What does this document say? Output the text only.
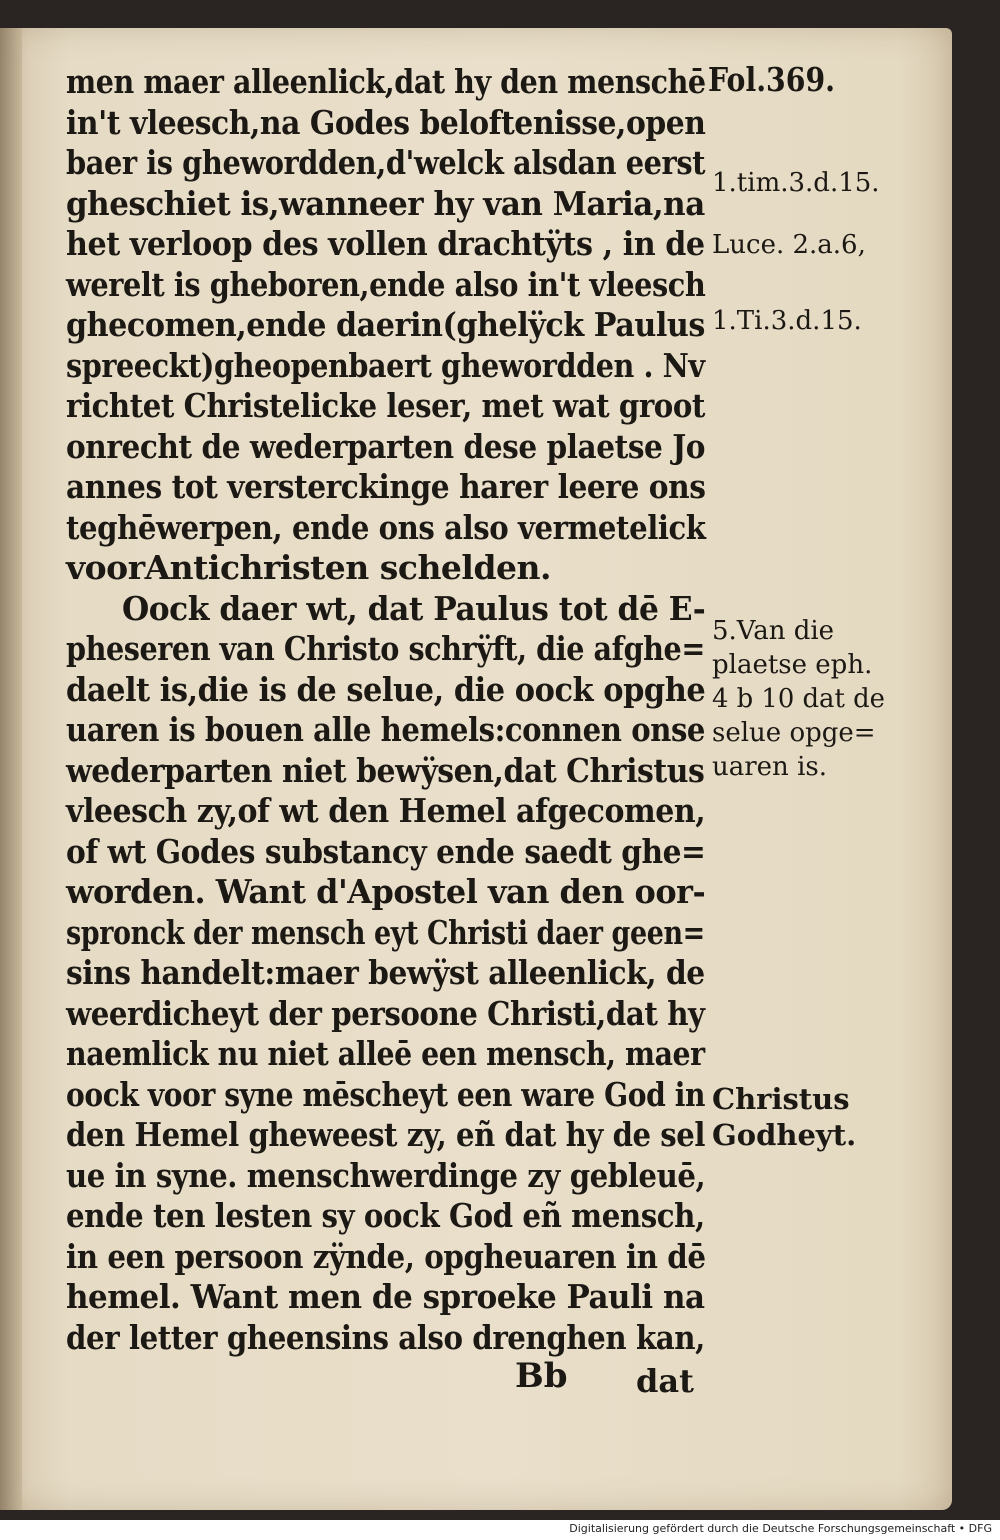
Fol.369.
men maer alleenlick,dat hy den menschē
in't vleesch,na Godes beloftenisse,open
baer is ghewordden,d'welck alsdan eerst
gheschiet is,wanneer hy van Maria,na
het verloop des vollen drachtÿts , in de
werelt is gheboren,ende also in't vleesch
ghecomen,ende daerin(ghelÿck Paulus
spreeckt)gheopenbaert ghewordden . Nv
richtet Christelicke leser, met wat groot
onrecht de wederparten dese plaetse Jo
annes tot versterckinge harer leere ons
teghēwerpen, ende ons also vermetelick
voorAntichristen schelden.
Oock daer wt, dat Paulus tot dē E-
pheseren van Christo schrÿft, die afghe=
daelt is,die is de selue, die oock opghe
uaren is bouen alle hemels:connen onse
wederparten niet bewÿsen,dat Christus
vleesch zy,of wt den Hemel afgecomen,
of wt Godes substancy ende saedt ghe=
worden. Want d'Apostel van den oor-
spronck der mensch eyt Christi daer geen=
sins handelt:maer bewÿst alleenlick, de
weerdicheyt der persoone Christi,dat hy
naemlick nu niet alleē een mensch, maer
oock voor syne mēscheyt een ware God in
den Hemel gheweest zy, eñ dat hy de sel
ue in syne. menschwerdinge zy gebleuē,
ende ten lesten sy oock God eñ mensch,
in een persoon zÿnde, opgheuaren in dē
hemel. Want men de sproeke Pauli na
der letter gheensins also drenghen kan,
1.tim.3.d.15.
Luce. 2.a.6,
1.Ti.3.d.15.
5.Van die
plaetse eph.
4 b 10 dat de
selue opge=
uaren is.
Christus
Godheyt.
Bb dat
Digitalisierung gefördert durch die Deutsche Forschungsgemeinschaft • DFG
